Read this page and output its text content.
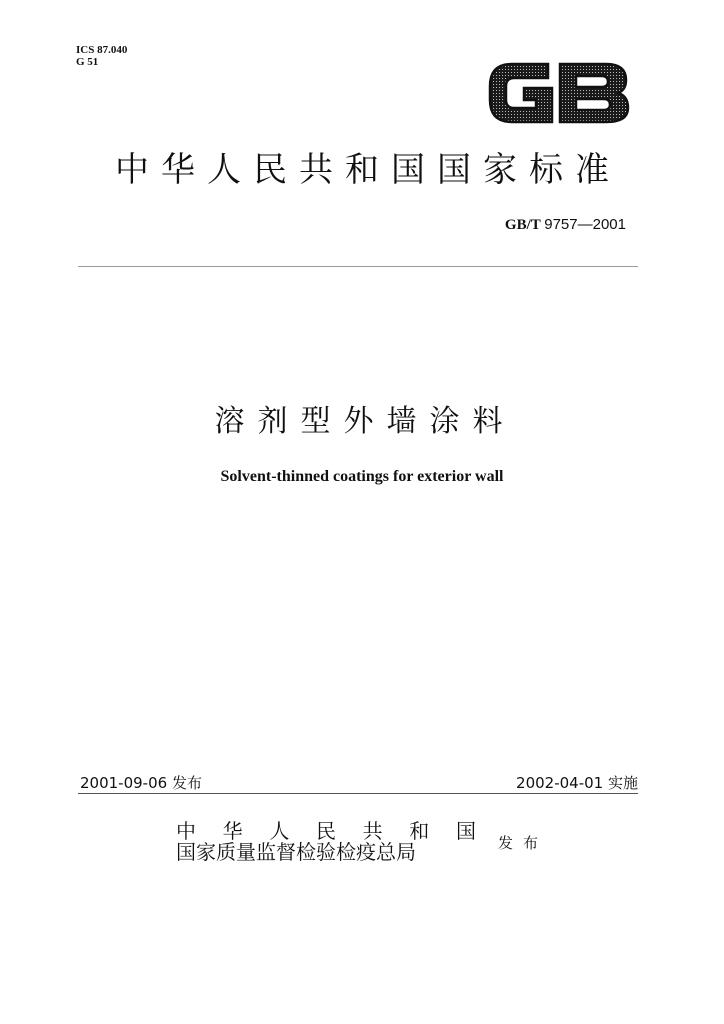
ICS 87.040
G 51
中华人民共和国国家标准
GB/T 9757—2001
溶剂型外墙涂料
Solvent-thinned coatings for exterior wall
2001-09-06 发布	2002-04-01 实施
中 华 人 民 共 和 国
国家质量监督检验检疫总局	发布
